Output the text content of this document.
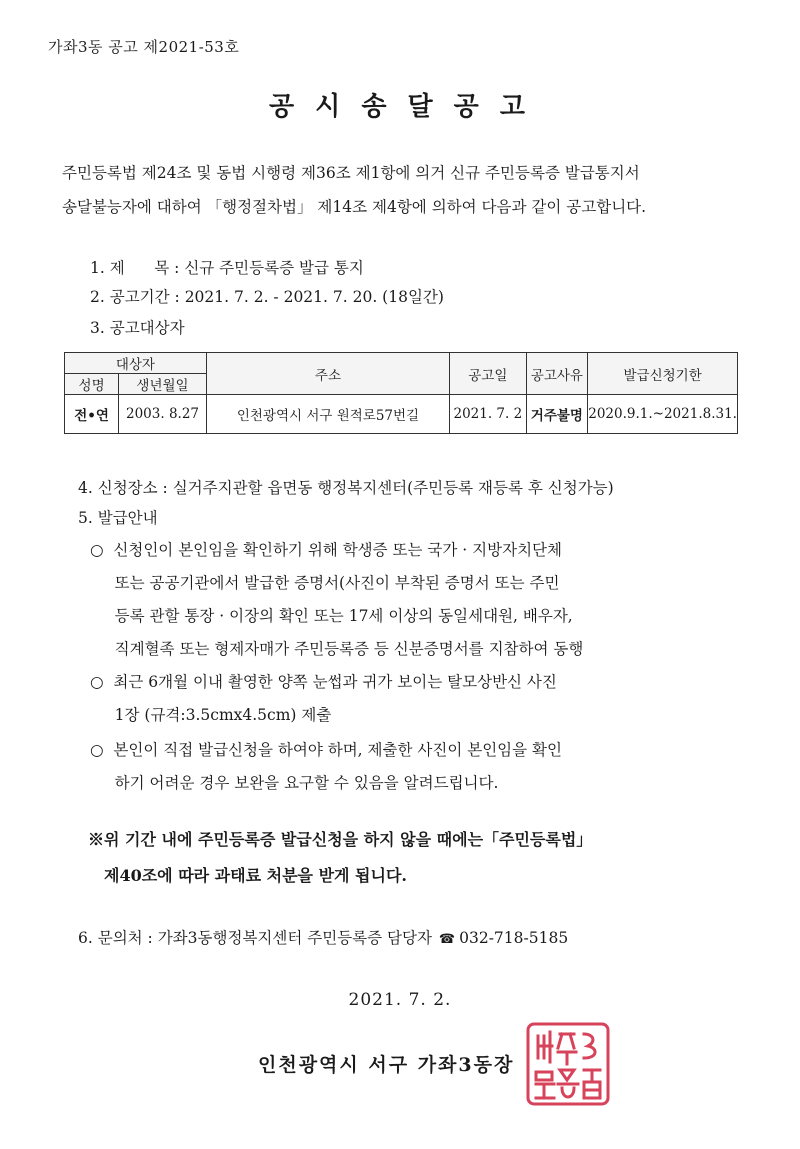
가좌3동 공고 제2021-53호
공 시 송 달 공 고

주민등록법 제24조 및 동법 시행령 제36조 제1항에 의거 신규 주민등록증 발급통지서

송달불능자에 대하여 「행정절차법」 제14조 제4항에 의하여 다음과 같이 공고합니다.

1. 제      목 : 신규 주민등록증 발급 통지
2. 공고기간 : 2021. 7. 2. - 2021. 7. 20. (18일간)
3. 공고대상자
대상자		주소	공고일	공고사유	발급신청기한
성명	생년월일				
전•연	2003. 8.27	인천광역시 서구 원적로57번길	2021. 7. 2	거주불명	2020.9.1.~2021.8.31.
4. 신청장소 : 실거주지관할 읍면동 행정복지센터(주민등록 재등록 후 신청가능)
5. 발급안내

○  신청인이 본인임을 확인하기 위해 학생증 또는 국가 · 지방자치단체

또는 공공기관에서 발급한 증명서(사진이 부착된 증명서 또는 주민

등록 관할 통장 · 이장의 확인 또는 17세 이상의 동일세대원, 배우자,

직계혈족 또는 형제자매가 주민등록증 등 신분증명서를 지참하여 동행

○  최근 6개월 이내 촬영한 양쪽 눈썹과 귀가 보이는 탈모상반신 사진

1장 (규격:3.5cmx4.5cm) 제출

○  본인이 직접 발급신청을 하여야 하며, 제출한 사진이 본인임을 확인

하기 어려운 경우 보완을 요구할 수 있음을 알려드립니다.

※위 기간 내에 주민등록증 발급신청을 하지 않을 때에는「주민등록법」

제40조에 따라 과태료 처분을 받게 됩니다.

6. 문의처 : 가좌3동행정복지센터 주민등록증 담당자 ☎ 032-718-5185
2021. 7. 2.
인천광역시 서구 가좌3동장
